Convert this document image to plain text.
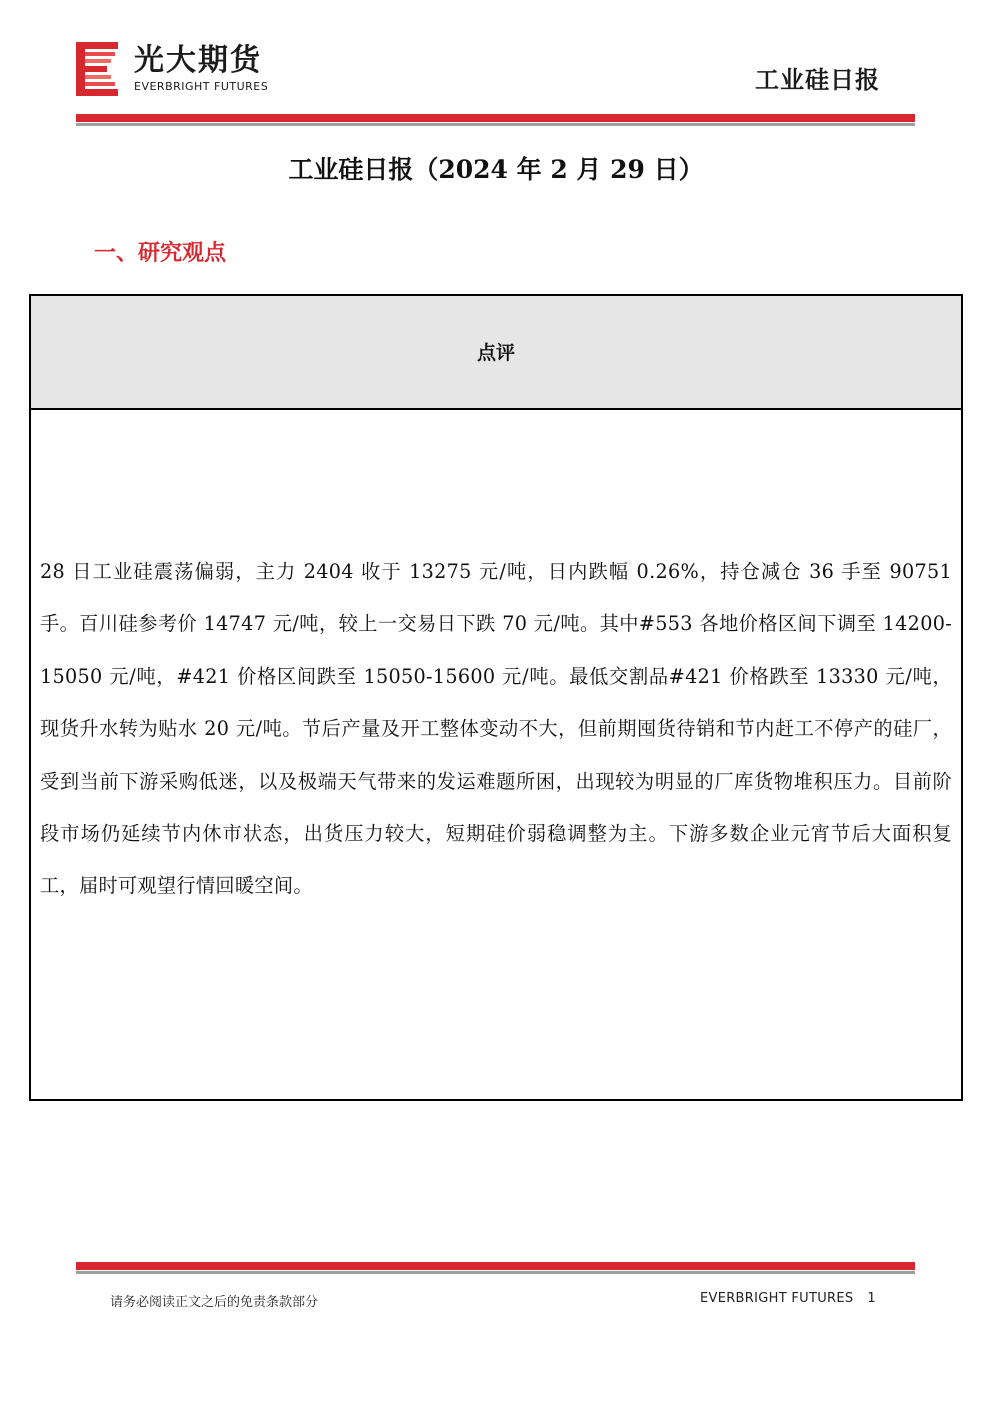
光大期货
EVERBRIGHT FUTURES	工业硅日报
工业硅日报（2024 年 2 月 29 日）
一、研究观点
点评
28 日工业硅震荡偏弱，主力 2404 收于 13275 元/吨，日内跌幅 0.26%，持仓减仓 36 手至 90751 手。百川硅参考价 14747 元/吨，较上一交易日下跌 70 元/吨。其中#553 各地价格区间下调至 14200-15050 元/吨，#421 价格区间跌至 15050-15600 元/吨。最低交割品#421 价格跌至 13330 元/吨，现货升水转为贴水 20 元/吨。节后产量及开工整体变动不大，但前期囤货待销和节内赶工不停产的硅厂，受到当前下游采购低迷，以及极端天气带来的发运难题所困，出现较为明显的厂库货物堆积压力。目前阶段市场仍延续节内休市状态，出货压力较大，短期硅价弱稳调整为主。下游多数企业元宵节后大面积复工，届时可观望行情回暖空间。
请务必阅读正文之后的免责条款部分	EVERBRIGHT FUTURES 1
